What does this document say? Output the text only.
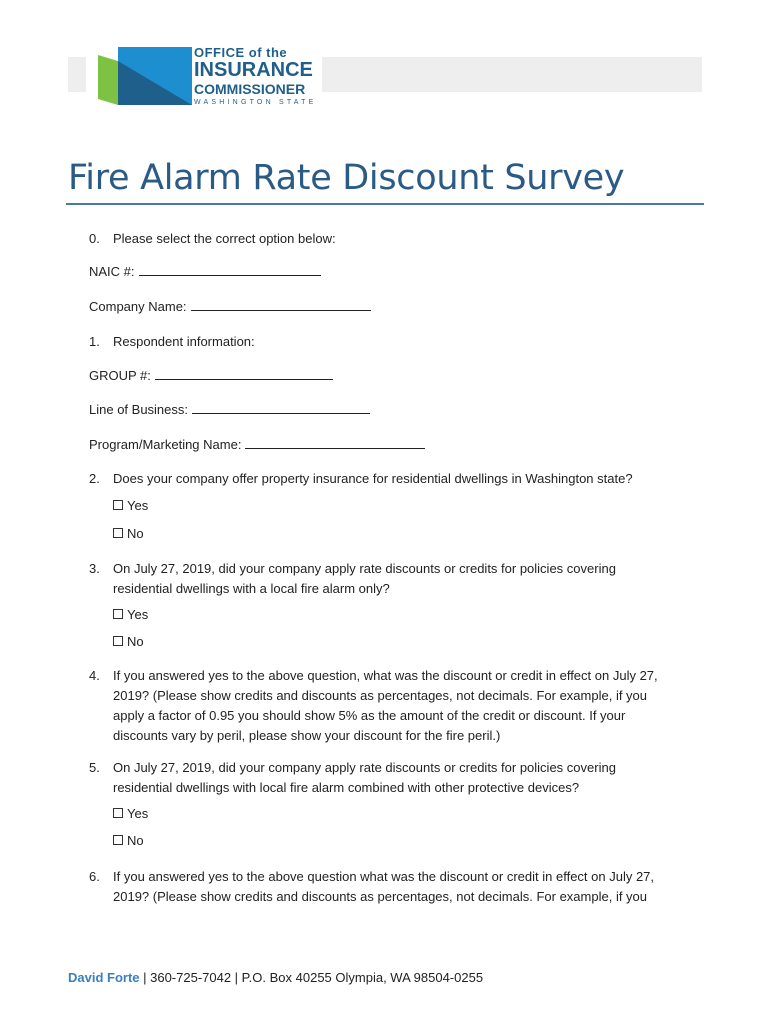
OFFICE of the
INSURANCE
COMMISSIONER
WASHINGTON STATE
Fire Alarm Rate Discount Survey
0. Please select the correct option below:
NAIC #:
Company Name:
1. Respondent information:
GROUP #:
Line of Business:
Program/Marketing Name:
2. Does your company offer property insurance for residential dwellings in Washington state?
Yes
No
3. On July 27, 2019, did your company apply rate discounts or credits for policies covering
residential dwellings with a local fire alarm only?
Yes
No
4. If you answered yes to the above question, what was the discount or credit in effect on July 27,
2019? (Please show credits and discounts as percentages, not decimals. For example, if you
apply a factor of 0.95 you should show 5% as the amount of the credit or discount. If your
discounts vary by peril, please show your discount for the fire peril.)
5. On July 27, 2019, did your company apply rate discounts or credits for policies covering
residential dwellings with local fire alarm combined with other protective devices?
Yes
No
6. If you answered yes to the above question what was the discount or credit in effect on July 27,
2019? (Please show credits and discounts as percentages, not decimals. For example, if you
David Forte | 360-725-7042 | P.O. Box 40255 Olympia, WA 98504-0255
